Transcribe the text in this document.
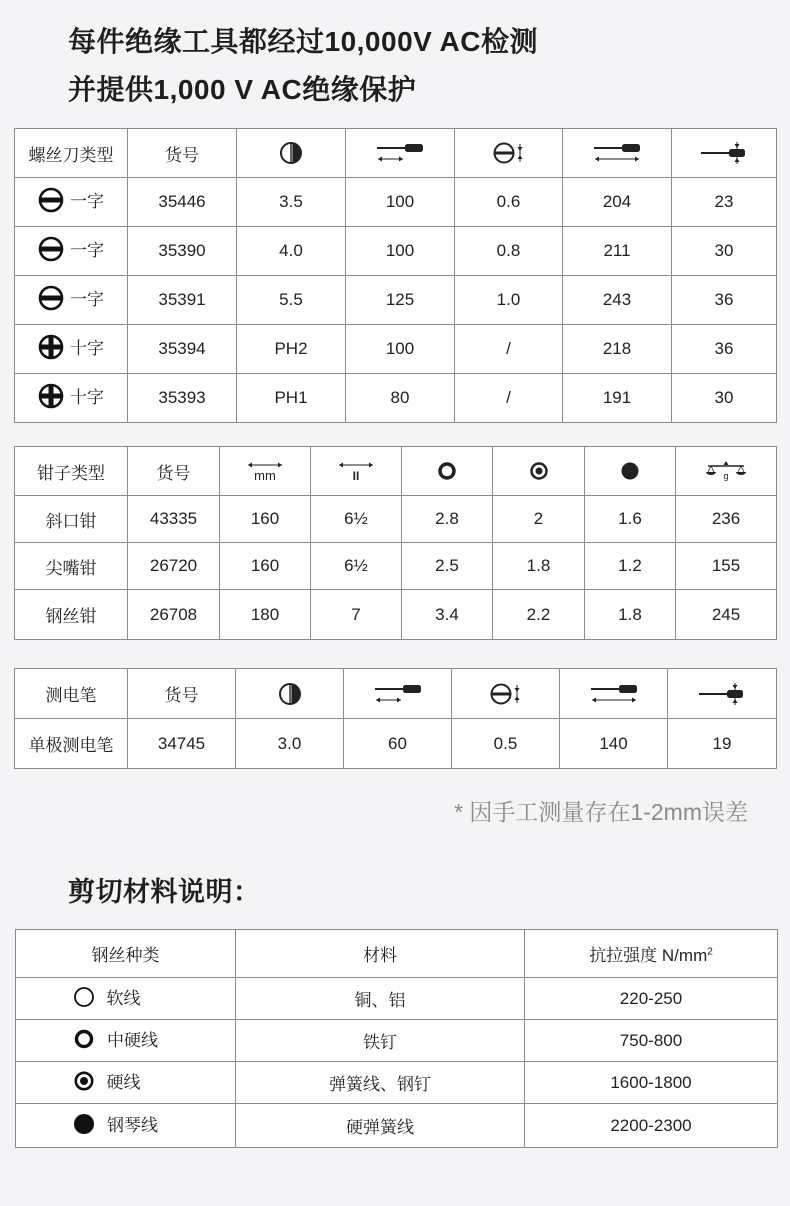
每件绝缘工具都经过10,000V AC检测
并提供1,000 V AC绝缘保护
螺丝刀类型	货号	

一字	35446	3.5	100	0.6	204	23

一字	35390	4.0	100	0.8	211	30

一字	35391	5.5	125	1.0	243	36

十字	35394	PH2	100	/	218	36

十字	35393	PH1	80	/	191	30
钳子类型	货号	mm	II				g

斜口钳	43335	160	6½	2.8	2	1.6	236
尖嘴钳	26720	160	6½	2.5	1.8	1.2	155
钢丝钳	26708	180	7	3.4	2.2	1.8	245
测电笔	货号	

单极测电笔	34745	3.0	60	0.5	140	19
* 因手工测量存在1-2mm误差
剪切材料说明：
钢丝种类	材料	抗拉强度 $N/mm^2$

软线	铜、铝	220-250

中硬线	铁钉	750-800

硬线	弹簧线、钢钉	1600-1800

钢琴线	硬弹簧线	2200-2300
